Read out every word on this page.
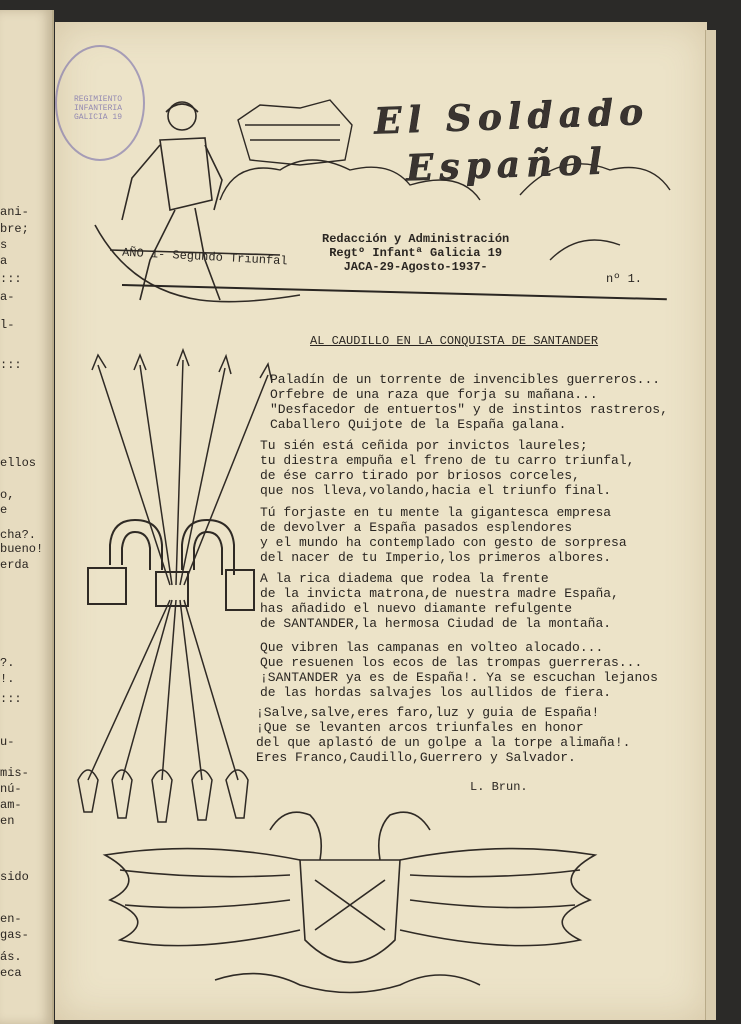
ani-
bre;
s
a
:::
a-
l-
:::
ellos
o,
e
cha?.
bueno!
erda
?.
!.
:::
u-
mis-
nú-
am-
en
sido
en-
gas-
ás.
eca
REGIMIENTO INFANTERIA GALICIA 19	El Soldado
Español
AÑO 1- Segundo Triunfal
Redacción y Administración
Regtº Infantª Galicia 19
JACA-29-Agosto-1937-
nº 1.
AL CAUDILLO EN LA CONQUISTA DE SANTANDER
Paladín de un torrente de invencibles guerreros...
Orfebre de una raza que forja su mañana...
"Desfacedor de entuertos" y de instintos rastreros,
Caballero Quijote de la España galana.
Tu sién está ceñida por invictos laureles;
tu diestra empuña el freno de tu carro triunfal,
de ése carro tirado por briosos corceles,
que nos lleva,volando,hacia el triunfo final.
Tú forjaste en tu mente la gigantesca empresa
de devolver a España pasados esplendores
y el mundo ha contemplado con gesto de sorpresa
del nacer de tu Imperio,los primeros albores.
A la rica diadema que rodea la frente
de la invicta matrona,de nuestra madre España,
has añadido el nuevo diamante refulgente
de SANTANDER,la hermosa Ciudad de la montaña.
Que vibren las campanas en volteo alocado...
Que resuenen los ecos de las trompas guerreras...
¡SANTANDER ya es de España!. Ya se escuchan lejanos
de las hordas salvajes los aullidos de fiera.
¡Salve,salve,eres faro,luz y guia de España!
¡Que se levanten arcos triunfales en honor
del que aplastó de un golpe a la torpe alimaña!.
Eres Franco,Caudillo,Guerrero y Salvador.
L. Brun.
